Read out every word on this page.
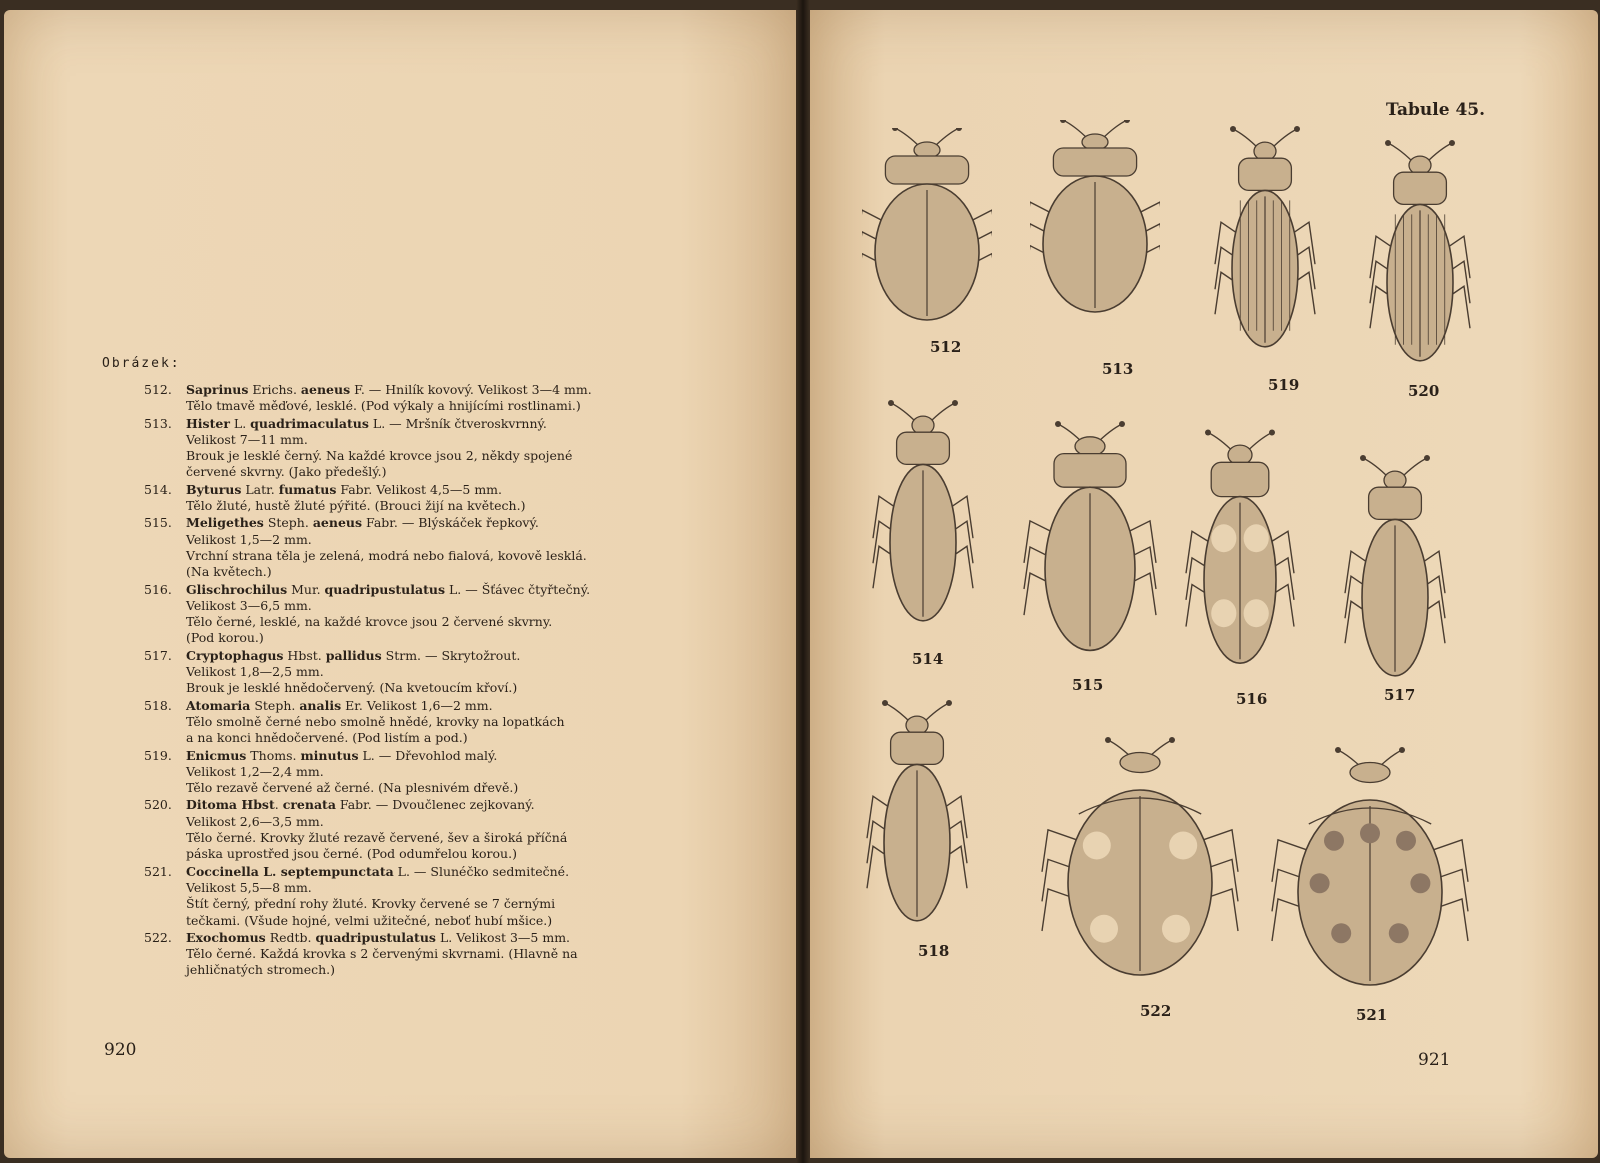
Obrázek:
512.	Saprinus Erichs. aeneus F. — Hnilík kovový. Velikost 3—4 mm.
Tělo tmavě měďové, lesklé. (Pod výkaly a hnijícími rostlinami.)
513.	Hister L. quadrimaculatus L. — Mršník čtveroskvrnný.
Velikost 7—11 mm.
Brouk je lesklé černý. Na každé krovce jsou 2, někdy spojené
červené skvrny. (Jako předešlý.)
514.	Byturus Latr. fumatus Fabr. Velikost 4,5—5 mm.
Tělo žluté, hustě žluté pýřité. (Brouci žijí na květech.)
515.	Meligethes Steph. aeneus Fabr. — Blýskáček řepkový.
Velikost 1,5—2 mm.
Vrchní strana těla je zelená, modrá nebo fialová, kovově lesklá.
(Na květech.)
516.	Glischrochilus Mur. quadripustulatus L. — Šťávec čtyřtečný.
Velikost 3—6,5 mm.
Tělo černé, lesklé, na každé krovce jsou 2 červené skvrny.
(Pod korou.)
517.	Cryptophagus Hbst. pallidus Strm. — Skrytožrout.
Velikost 1,8—2,5 mm.
Brouk je lesklé hnědočervený. (Na kvetoucím křoví.)
518.	Atomaria Steph. analis Er. Velikost 1,6—2 mm.
Tělo smolně černé nebo smolně hnědé, krovky na lopatkách
a na konci hnědočervené. (Pod listím a pod.)
519.	Enicmus Thoms. minutus L. — Dřevohlod malý.
Velikost 1,2—2,4 mm.
Tělo rezavě červené až černé. (Na plesnivém dřevě.)
520.	Ditoma Hbst. crenata Fabr. — Dvoučlenec zejkovaný.
Velikost 2,6—3,5 mm.
Tělo černé. Krovky žluté rezavě červené, šev a široká příčná
páska uprostřed jsou černé. (Pod odumřelou korou.)
521.	Coccinella L. septempunctata L. — Slunéčko sedmitečné.
Velikost 5,5—8 mm.
Štít černý, přední rohy žluté. Krovky červené se 7 černými
tečkami. (Všude hojné, velmi užitečné, neboť hubí mšice.)
522.	Exochomus Redtb. quadripustulatus L. Velikost 3—5 mm.
Tělo černé. Každá krovka s 2 červenými skvrnami. (Hlavně na
jehličnatých stromech.)
920
Tabule 45.
921
512
513
519	520
514
515
516	517
518
522	521
